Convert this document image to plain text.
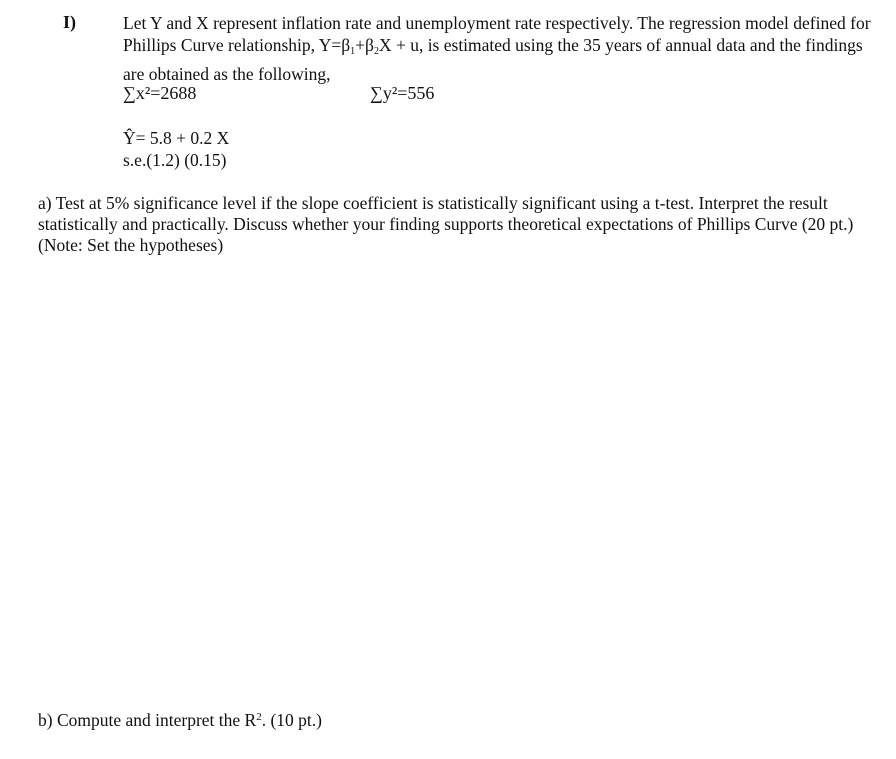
I)	Let Y and X represent inflation rate and unemployment rate respectively. The regression model defined for Phillips Curve relationship, $Y=\beta_1+\beta_2X + u$, is estimated using the 35 years of annual data and the findings are obtained as the following,
∑x²=2688	∑y²=556
Ŷ= 5.8 + 0.2 X
s.e.(1.2) (0.15)
a) Test at 5% significance level if the slope coefficient is statistically significant using a t-test. Interpret the result statistically and practically. Discuss whether your finding supports theoretical expectations of Phillips Curve (20 pt.) (Note: Set the hypotheses)
b) Compute and interpret the $R^2$. (10 pt.)
